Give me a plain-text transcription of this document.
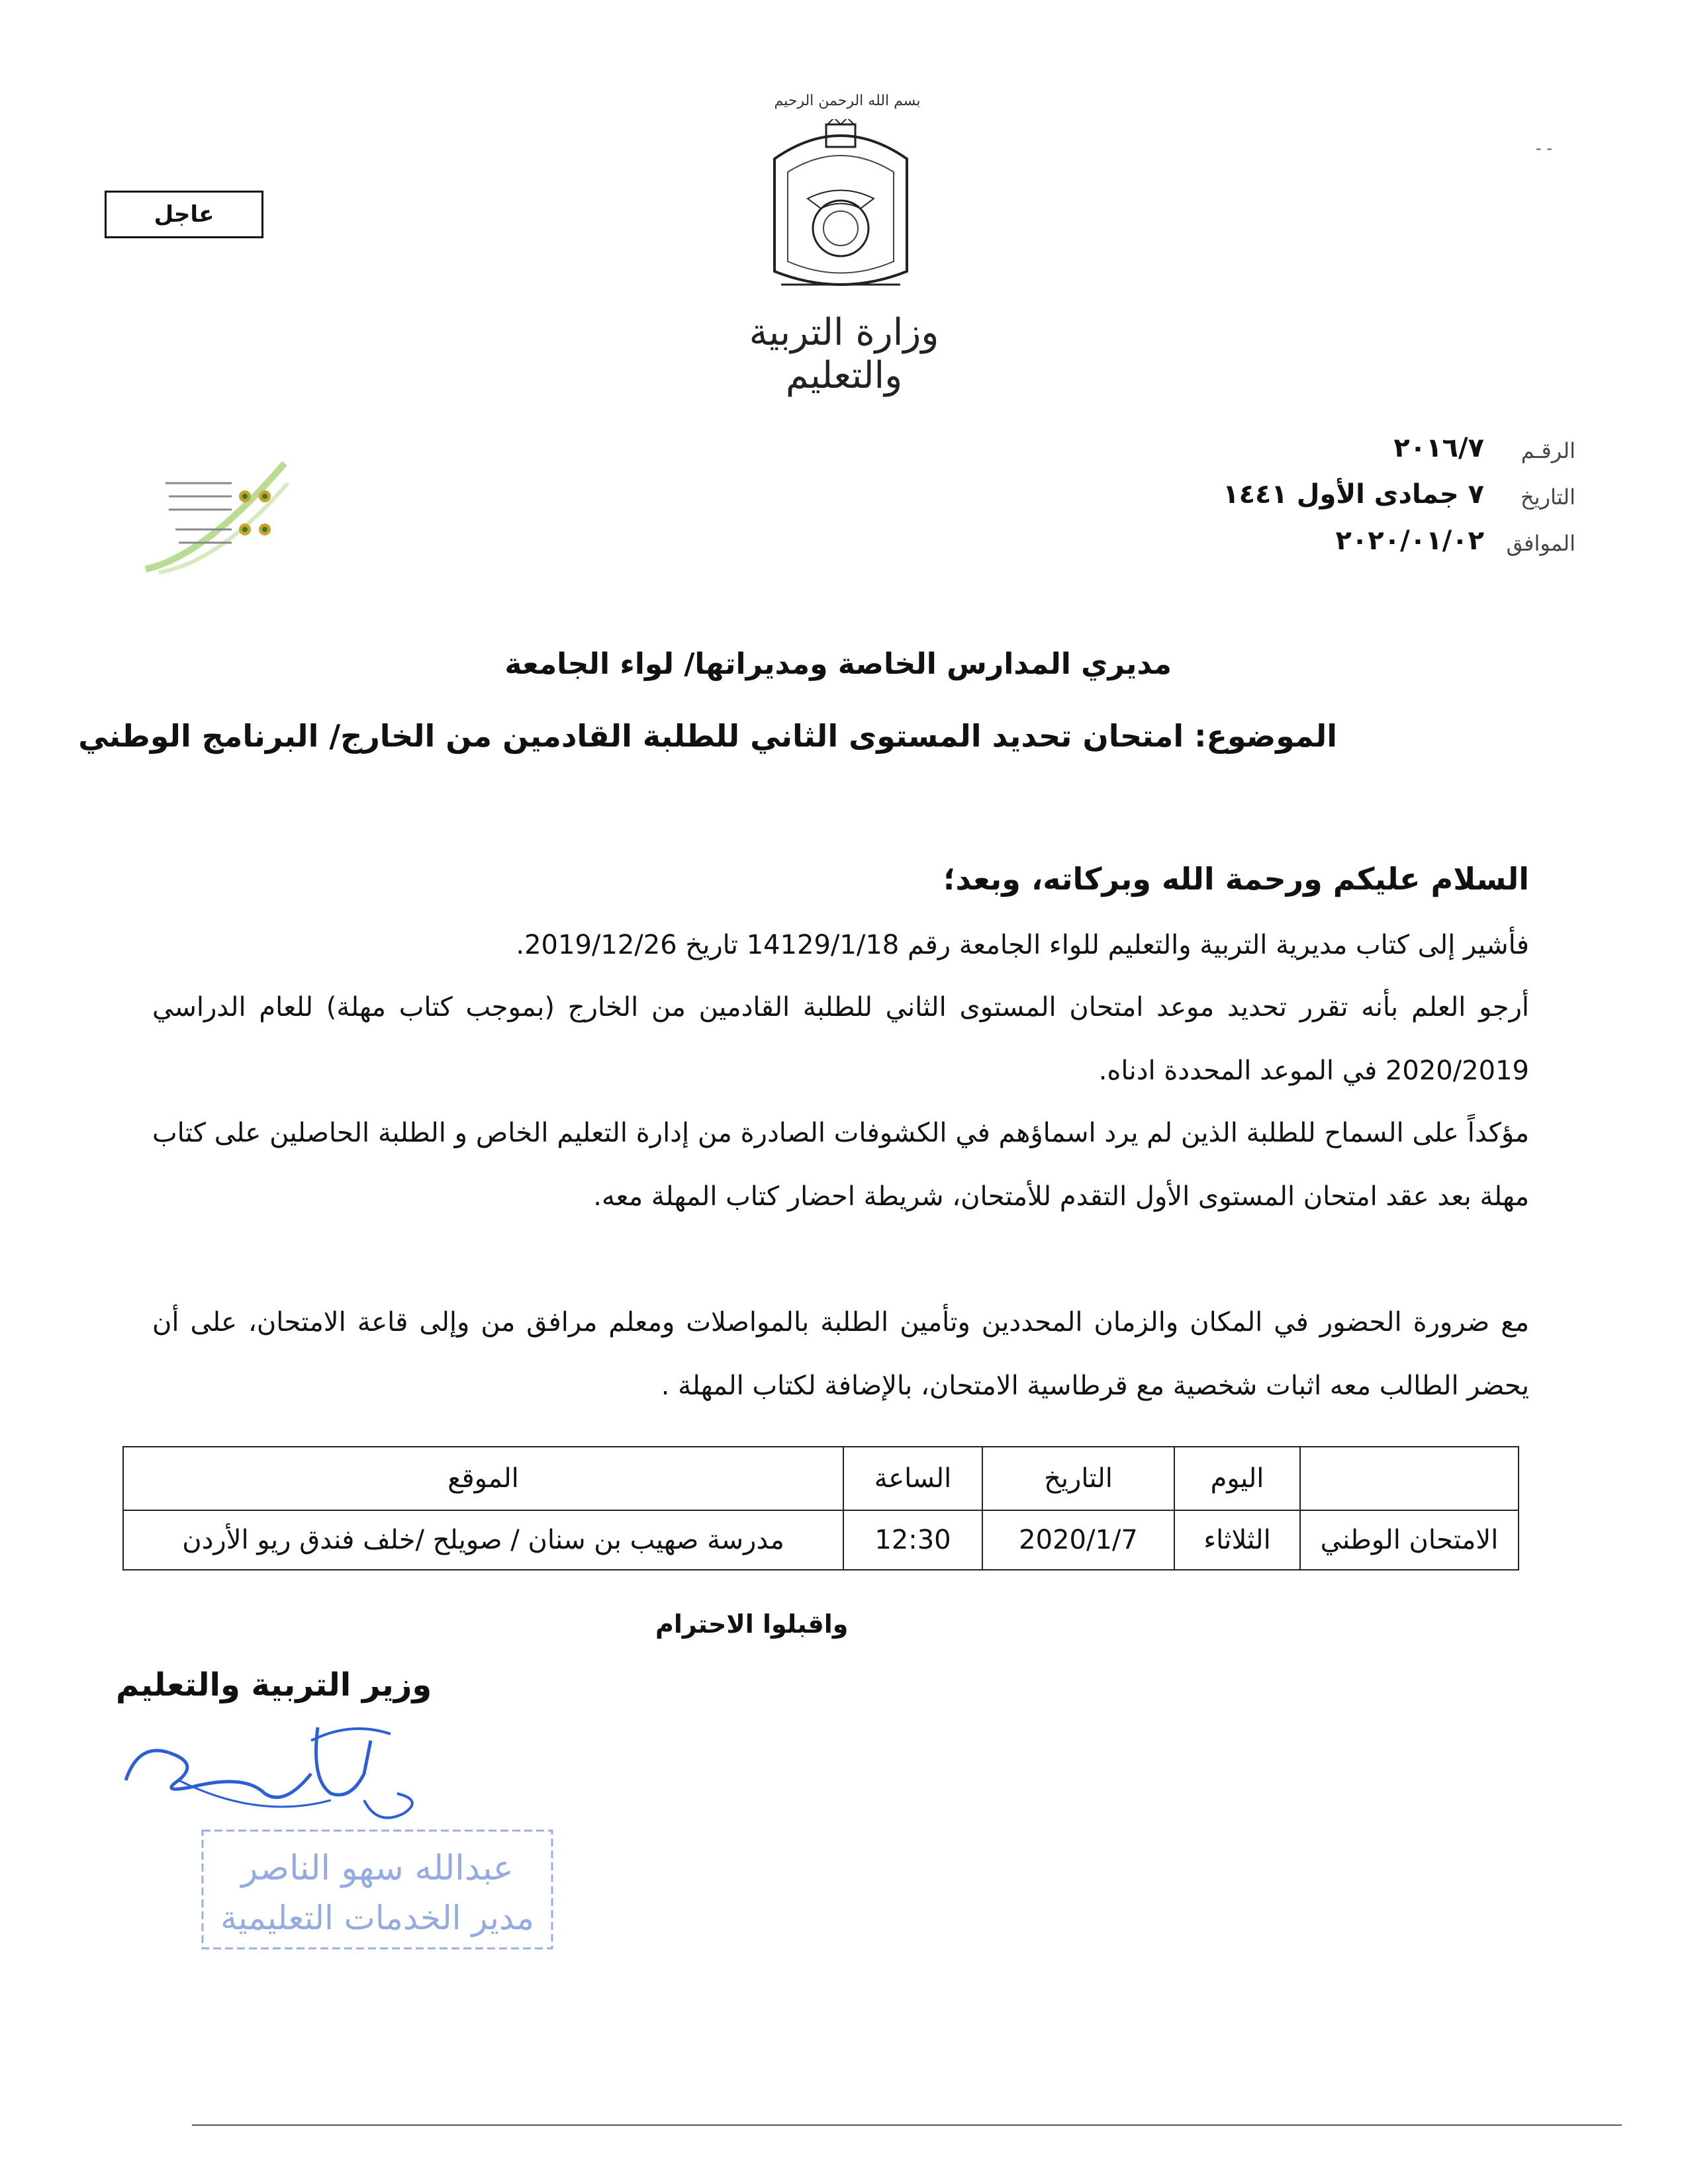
بسم الله الرحمن الرحيم
وزارة التربية والتعليم
عاجل
- -
الرقـم
٢٠١٦/٧
التاريخ
٧ جمادى الأول ١٤٤١
الموافق
٢٠٢٠/٠١/٠٢
مديري المدارس الخاصة ومديراتها/ لواء الجامعة
الموضوع: امتحان تحديد المستوى الثاني للطلبة القادمين من الخارج/ البرنامج الوطني
السلام عليكم ورحمة الله وبركاته، وبعد؛
فأشير إلى كتاب مديرية التربية والتعليم للواء الجامعة رقم 14129/1/18 تاريخ 2019/12/26.
أرجو العلم بأنه تقرر تحديد موعد امتحان المستوى الثاني للطلبة القادمين من الخارج (بموجب كتاب مهلة) للعام الدراسي 2020/2019 في الموعد المحددة ادناه.
مؤكداً على السماح للطلبة الذين لم يرد اسماؤهم في الكشوفات الصادرة من إدارة التعليم الخاص و الطلبة الحاصلين على كتاب مهلة بعد عقد امتحان المستوى الأول التقدم للأمتحان، شريطة احضار كتاب المهلة معه.
مع ضرورة الحضور في المكان والزمان المحددين وتأمين الطلبة بالمواصلات ومعلم مرافق من وإلى قاعة الامتحان، على أن يحضر الطالب معه اثبات شخصية مع قرطاسية الامتحان، بالإضافة لكتاب المهلة .
	اليوم	التاريخ	الساعة	الموقع
الامتحان الوطني	الثلاثاء	2020/1/7	12:30	مدرسة صهيب بن سنان / صويلح /خلف فندق ريو الأردن
واقبلوا الاحترام
وزير التربية والتعليم
عبدالله سهو الناصر
مدير الخدمات التعليمية
